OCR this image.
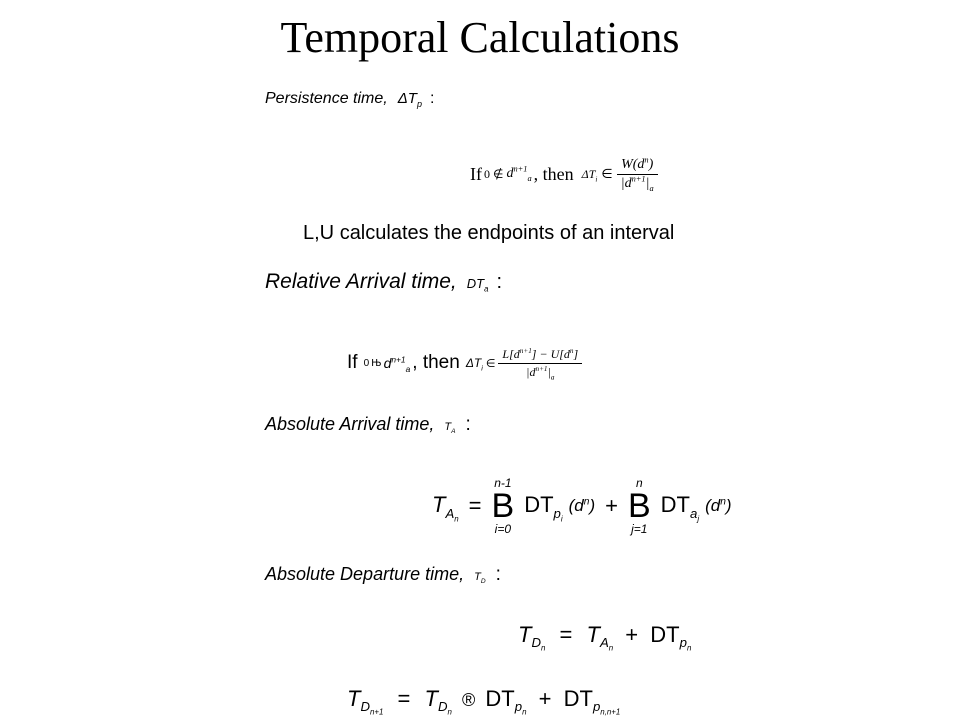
Temporal Calculations
Persistence time, $\Delta T_p$ :
If 0 ∉ $d^{n+1}_a$ , then $\Delta T_i$ ∈ $\frac{W(d^n)}{|d^{n+1}|_a}$
L,U calculates the endpoints of an interval
Relative Arrival time, $DT_a$ :
If 0 Њ $d^{n+1}_a$ , then $\Delta T_i$ ∈ $\frac{L[d^{n+1}] - U[d^n]}{|d^{n+1}|_a}$
Absolute Arrival time, $T_A$ :
$T_{A_n}$
=
n-1
B
i=0
$DT_{p_i}$
$(d^n)$ +
n
B
j=1
$DT_{a_j}$
$(d^n)$
Absolute Departure time, $T_D$ :
$T_{D_n} = T_{A_n} + DT_{p_n}$
$T_{D_{n+1}} = T_{D_n}$ ® $DT_{p_n} + DT_{p_{n,n+1}}$
